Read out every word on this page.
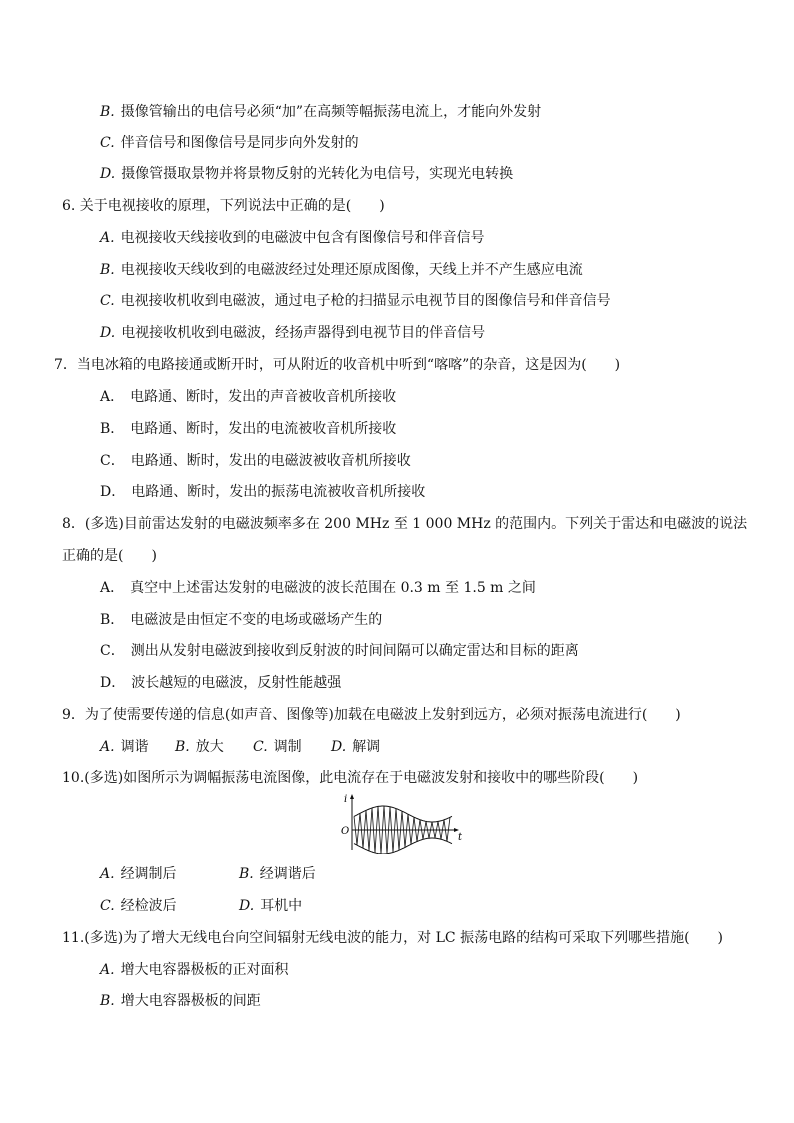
B. 摄像管输出的电信号必须“加”在高频等幅振荡电流上，才能向外发射
C. 伴音信号和图像信号是同步向外发射的
D. 摄像管摄取景物并将景物反射的光转化为电信号，实现光电转换
6. 关于电视接收的原理，下列说法中正确的是(　　)
A. 电视接收天线接收到的电磁波中包含有图像信号和伴音信号
B. 电视接收天线收到的电磁波经过处理还原成图像，天线上并不产生感应电流
C. 电视接收机收到电磁波，通过电子枪的扫描显示电视节目的图像信号和伴音信号
D. 电视接收机收到电磁波，经扬声器得到电视节目的伴音信号
7．当电冰箱的电路接通或断开时，可从附近的收音机中听到“喀喀”的杂音，这是因为(　　)
A． 电路通、断时，发出的声音被收音机所接收
B． 电路通、断时，发出的电流被收音机所接收
C． 电路通、断时，发出的电磁波被收音机所接收
D． 电路通、断时，发出的振荡电流被收音机所接收
8．(多选)目前雷达发射的电磁波频率多在 200 MHz 至 1 000 MHz 的范围内。下列关于雷达和电磁波的说法
正确的是(　　)
A． 真空中上述雷达发射的电磁波的波长范围在 0.3 m 至 1.5 m 之间
B． 电磁波是由恒定不变的电场或磁场产生的
C． 测出从发射电磁波到接收到反射波的时间间隔可以确定雷达和目标的距离
D． 波长越短的电磁波，反射性能越强
9．为了使需要传递的信息(如声音、图像等)加载在电磁波上发射到远方，必须对振荡电流进行(　　)
A. 调谐 B. 放大 C. 调制 D. 解调
10.(多选)如图所示为调幅振荡电流图像，此电流存在于电磁波发射和接收中的哪些阶段(　　)
i
O
t
A. 经调制后	B. 经调谐后
C. 经检波后	D. 耳机中
11.(多选)为了增大无线电台向空间辐射无线电波的能力，对 LC 振荡电路的结构可采取下列哪些措施(　　)
A. 增大电容器极板的正对面积
B. 增大电容器极板的间距
